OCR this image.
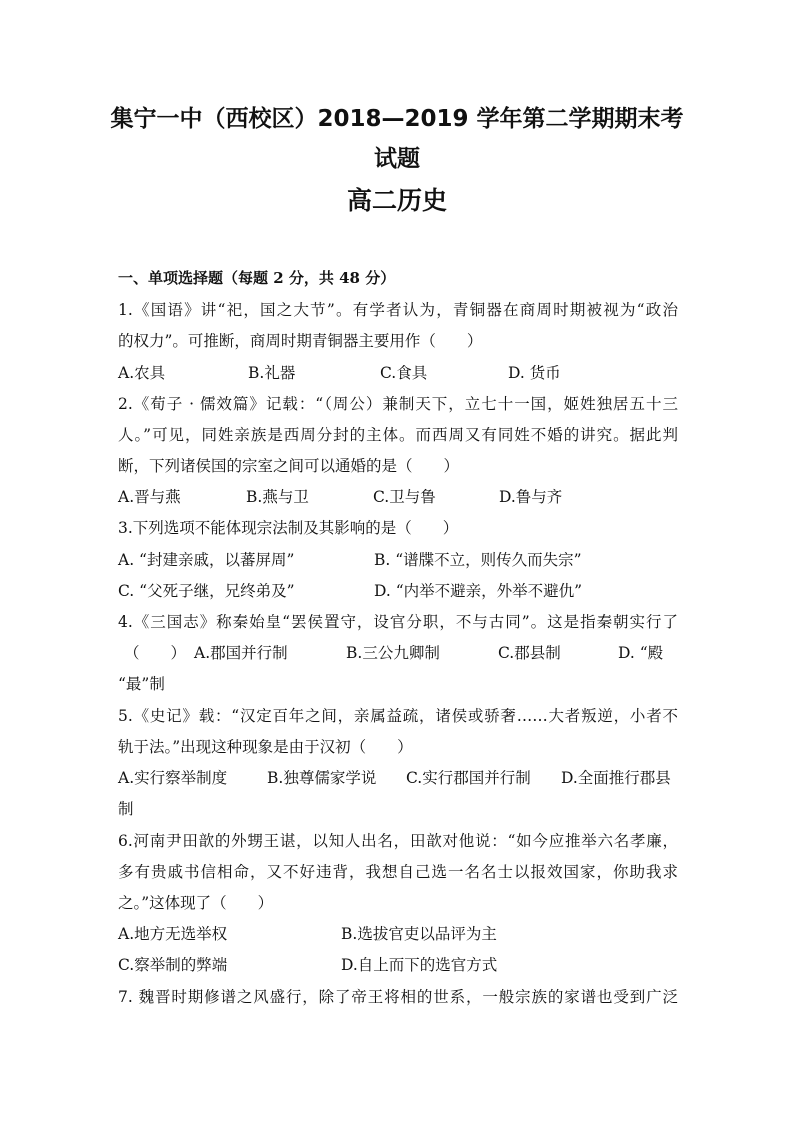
集宁一中（西校区）2018—2019 学年第二学期期末考
试题
高二历史
一、单项选择题（每题 2 分，共 48 分）
1.《国语》讲“祀，国之大节”。有学者认为，青铜器在商周时期被视为“政治
的权力”。可推断，商周时期青铜器主要用作（　　）
A.农具	B.礼器	C.食具	D. 货币
2.《荀子 · 儒效篇》记载：“（周公）兼制天下，立七十一国，姬姓独居五十三
人。”可见，同姓亲族是西周分封的主体。而西周又有同姓不婚的讲究。据此判
断，下列诸侯国的宗室之间可以通婚的是（　　）
A.晋与燕	B.燕与卫	C.卫与鲁	D.鲁与齐
3.下列选项不能体现宗法制及其影响的是（　　）
A. “封建亲戚，以蕃屏周”	B. “谱牒不立，则传久而失宗”
C. “父死子继，兄终弟及”	D. “内举不避亲，外举不避仇”
4.《三国志》称秦始皇“罢侯置守，设官分职，不与古同”。这是指秦朝实行了
（　　） A.郡国并行制	B.三公九卿制	C.郡县制	D. “殿
“最”制
5.《史记》载：“汉定百年之间，亲属益疏，诸侯或骄奢……大者叛逆，小者不
轨于法。”出现这种现象是由于汉初（　　）
A.实行察举制度	B.独尊儒家学说 C.实行郡国并行制 D.全面推行郡县
制
6.河南尹田歆的外甥王谌，以知人出名，田歆对他说：“如今应推举六名孝廉，
多有贵戚书信相命，又不好违背，我想自己选一名名士以报效国家，你助我求
之。”这体现了（　　）
A.地方无选举权	B.选拔官吏以品评为主
C.察举制的弊端	D.自上而下的选官方式
7. 魏晋时期修谱之风盛行，除了帝王将相的世系，一般宗族的家谱也受到广泛
